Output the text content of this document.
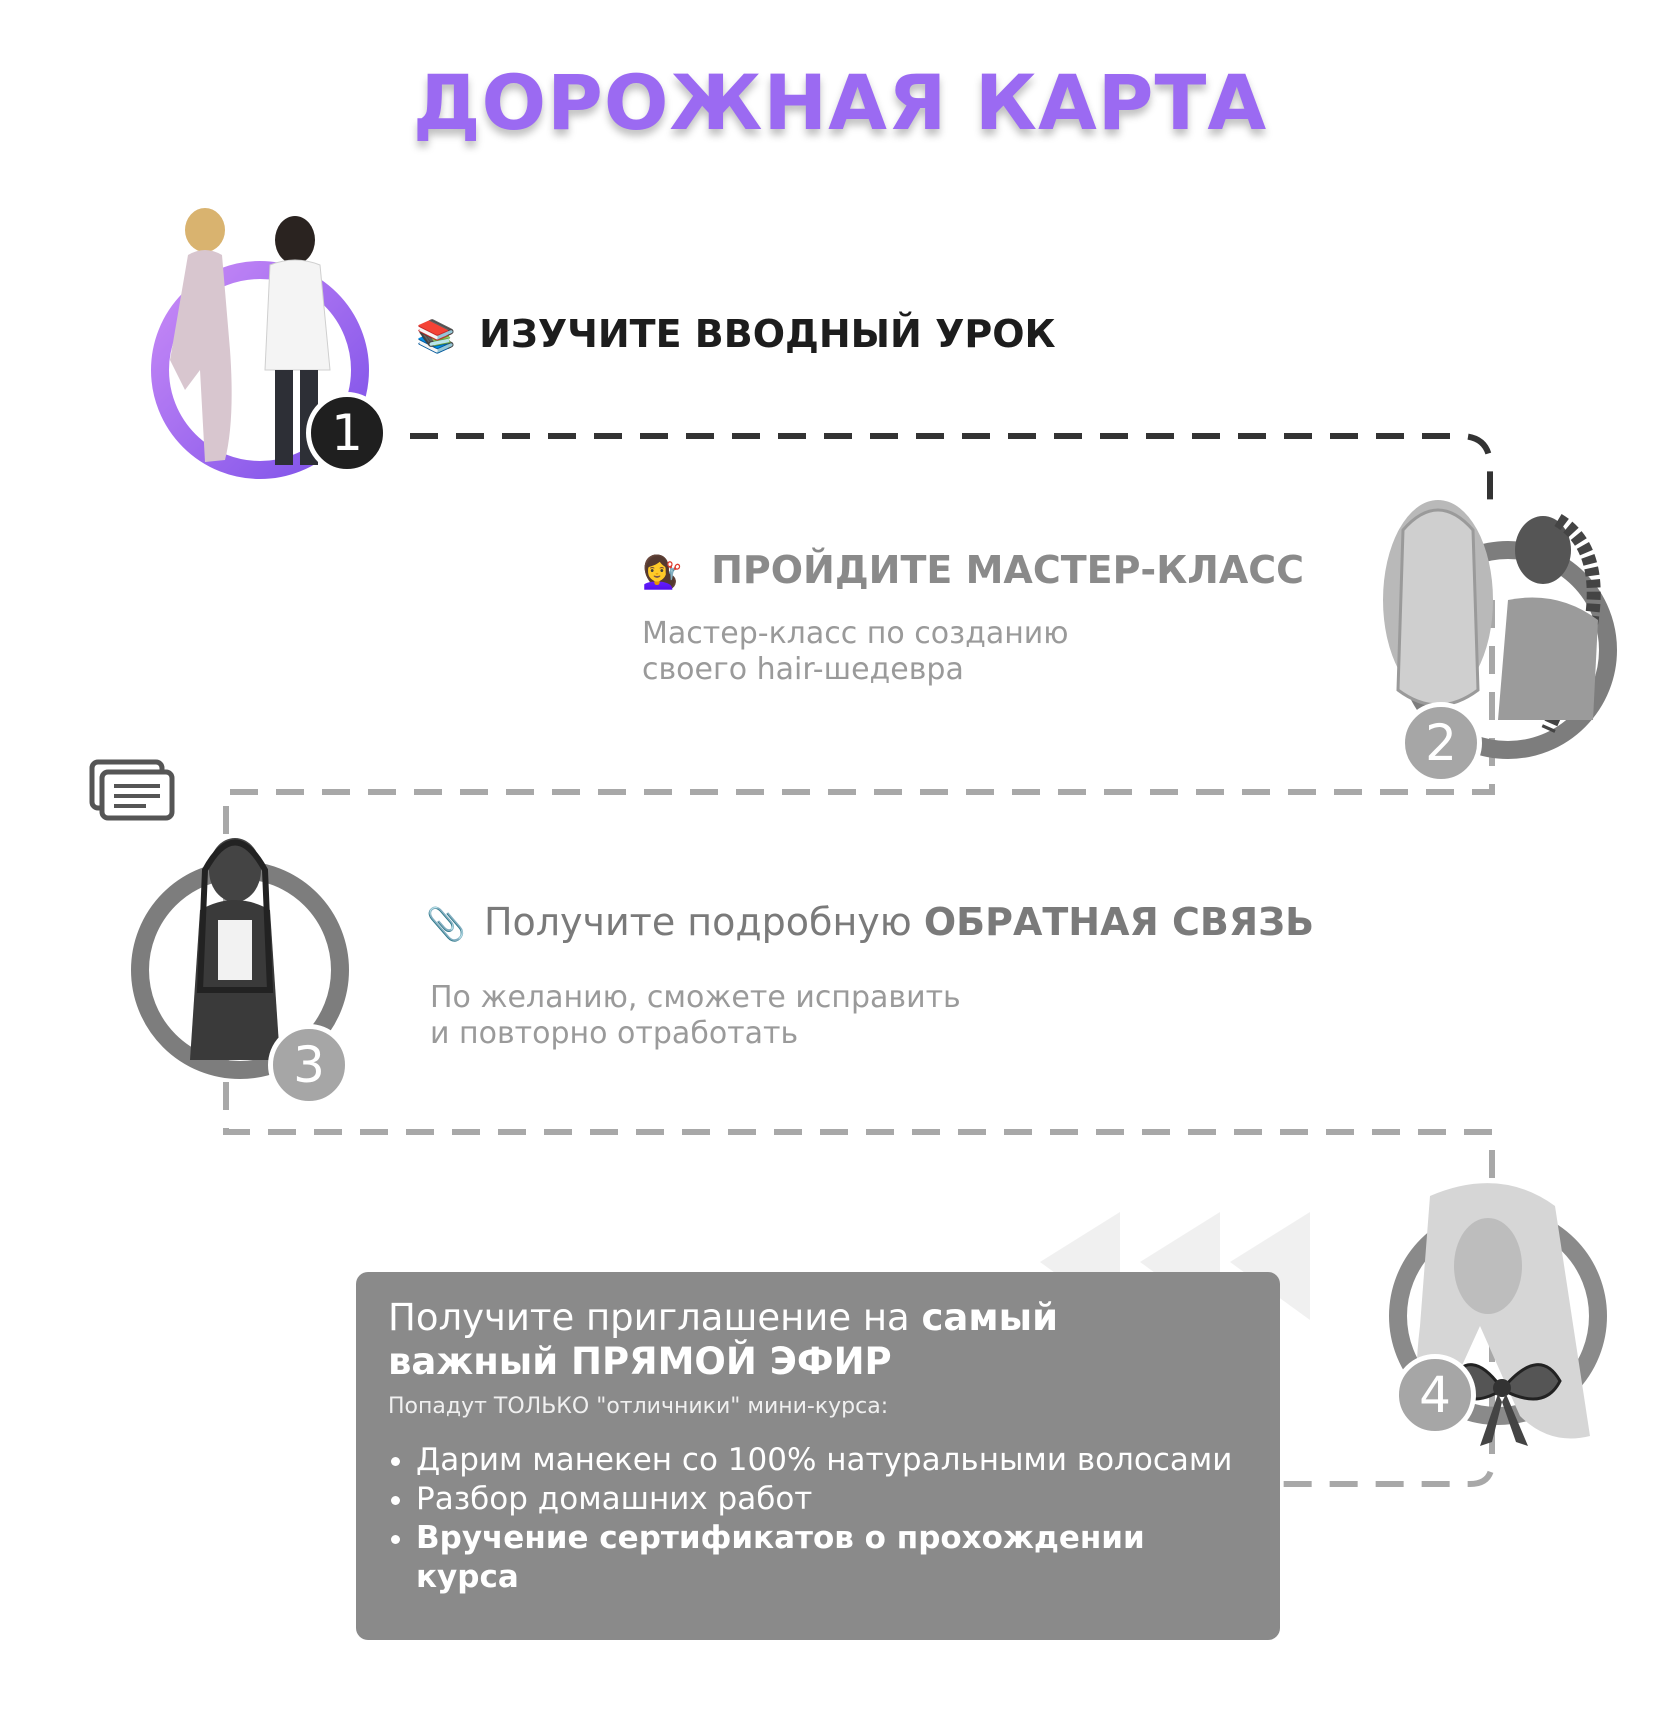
ДОРОЖНАЯ КАРТА
1
📚 ИЗУЧИТЕ ВВОДНЫЙ УРОК
2
💇‍♀️ ПРОЙДИТЕ МАСТЕР-КЛАСС
Мастер-класс по созданию
своего hair-шедевра
3
📎 Получите подробную ОБРАТНАЯ СВЯЗЬ
По желанию, сможете исправить
и повторно отработать
4
Получите приглашение на самый
важный ПРЯМОЙ ЭФИР
Попадут ТОЛЬКО "отличники" мини-курса:
• Дарим манекен со 100% натуральными волосами
• Разбор домашних работ
• Вручение сертификатов о прохождении курса
